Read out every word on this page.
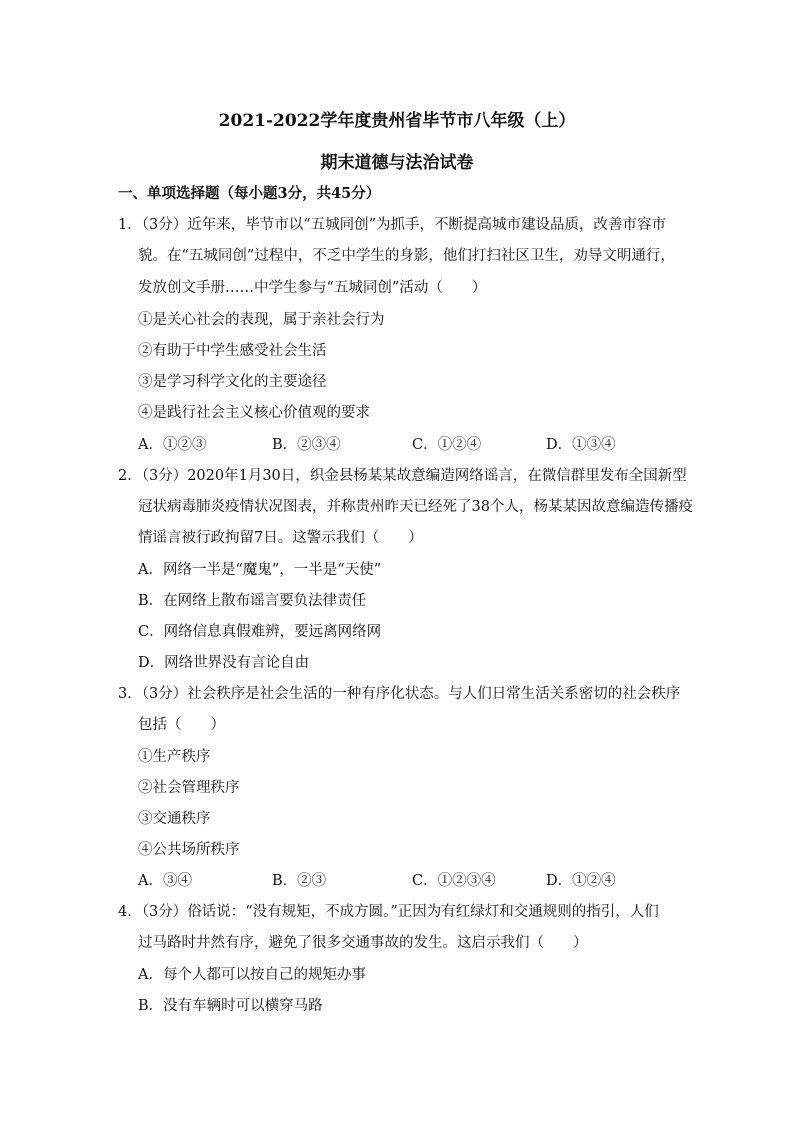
2021-2022学年度贵州省毕节市八年级（上）
期末道德与法治试卷
一、单项选择题（每小题3分，共45分）
1．（3分）近年来，毕节市以“五城同创”为抓手，不断提高城市建设品质，改善市容市
貌。在“五城同创”过程中，不乏中学生的身影，他们打扫社区卫生，劝导文明通行，
发放创文手册……中学生参与“五城同创”活动（　　）
①是关心社会的表现，属于亲社会行为
②有助于中学生感受社会生活
③是学习科学文化的主要途径
④是践行社会主义核心价值观的要求
A．①②③	B．②③④	C．①②④	D．①③④
2．（3分）2020年1月30日，织金县杨某某故意编造网络谣言，在微信群里发布全国新型
冠状病毒肺炎疫情状况图表，并称贵州昨天已经死了38个人，杨某某因故意编造传播疫
情谣言被行政拘留7日。这警示我们（　　）
A．网络一半是“魔鬼”，一半是“天使”
B．在网络上散布谣言要负法律责任
C．网络信息真假难辨，要远离网络网
D．网络世界没有言论自由
3．（3分）社会秩序是社会生活的一种有序化状态。与人们日常生活关系密切的社会秩序
包括（　　）
①生产秩序
②社会管理秩序
③交通秩序
④公共场所秩序
A．③④	B．②③	C．①②③④	D．①②④
4．（3分）俗话说：“没有规矩，不成方圆。”正因为有红绿灯和交通规则的指引，人们
过马路时井然有序，避免了很多交通事故的发生。这启示我们（　　）
A．每个人都可以按自己的规矩办事
B．没有车辆时可以横穿马路
